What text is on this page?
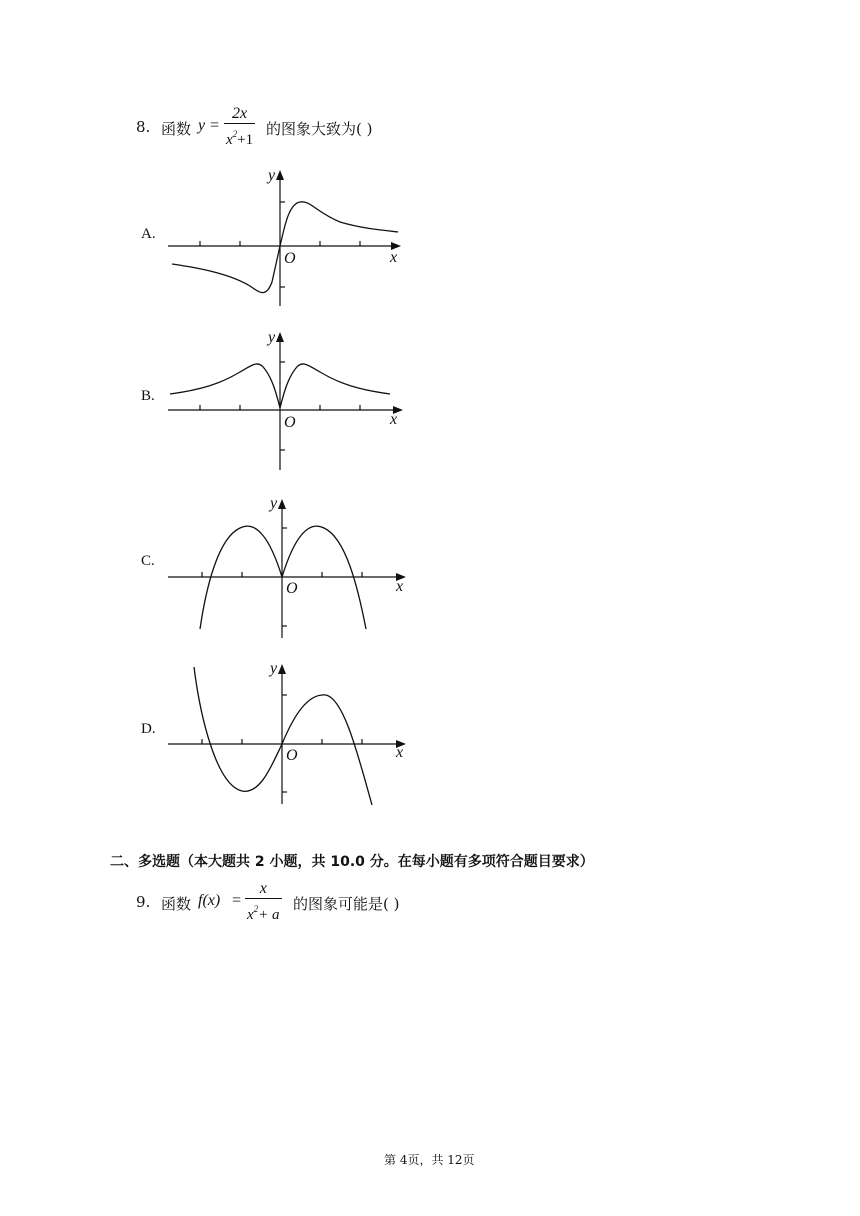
8. 函数 $y = \frac{2x}{x^2+1}$ 的图象大致为( )
A.
B.
C.
D.
y
x
O
y
x
O
y
x
O
y
x
O
二、多选题（本大题共 2 小题，共 10.0 分。在每小题有多项符合题目要求）
9. 函数 $f(x) = \frac{x}{x^2+ a}$ 的图象可能是( )
第 4页，共 12页
